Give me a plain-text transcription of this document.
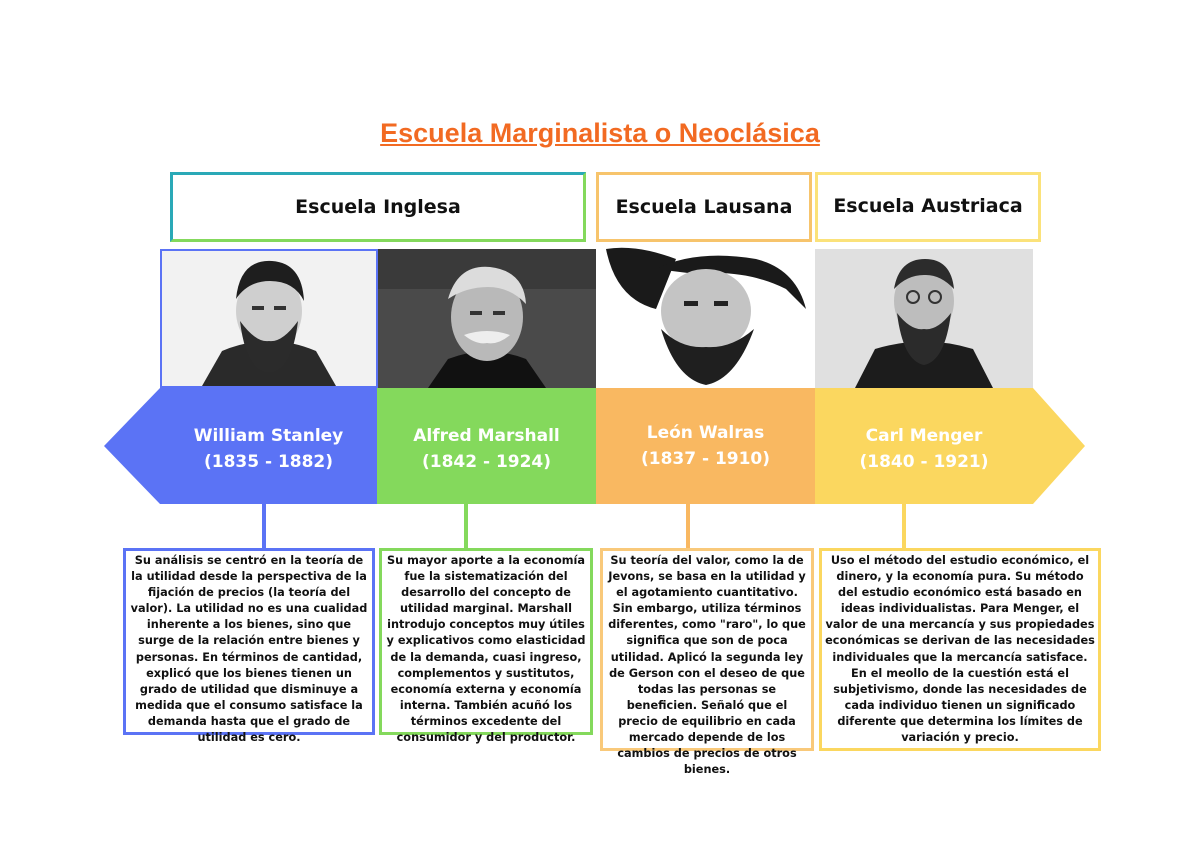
Escuela Marginalista o Neoclásica
Escuela Inglesa	Escuela Lausana Escuela Austriaca
William Stanley
(1835 - 1882)
Alfred Marshall
(1842 - 1924)
León Walras
(1837 - 1910)
Carl Menger
(1840 - 1921)
Su análisis se centró en la teoría de la utilidad desde la perspectiva de la fijación de precios (la teoría del valor). La utilidad no es una cualidad inherente a los bienes, sino que surge de la relación entre bienes y personas. En términos de cantidad, explicó que los bienes tienen un grado de utilidad que disminuye a medida que el consumo satisface la demanda hasta que el grado de utilidad es cero.
Su mayor aporte a la economía fue la sistematización del desarrollo del concepto de utilidad marginal. Marshall introdujo conceptos muy útiles y explicativos como elasticidad de la demanda, cuasi ingreso, complementos y sustitutos, economía externa y economía interna. También acuñó los términos excedente del consumidor y del productor.
Su teoría del valor, como la de Jevons, se basa en la utilidad y el agotamiento cuantitativo. Sin embargo, utiliza términos diferentes, como "raro", lo que significa que son de poca utilidad. Aplicó la segunda ley de Gerson con el deseo de que todas las personas se beneficien. Señaló que el precio de equilibrio en cada mercado depende de los cambios de precios de otros bienes.
Uso el método del estudio económico, el dinero, y la economía pura. Su método del estudio económico está basado en ideas individualistas. Para Menger, el valor de una mercancía y sus propiedades económicas se derivan de las necesidades individuales que la mercancía satisface. En el meollo de la cuestión está el subjetivismo, donde las necesidades de cada individuo tienen un significado diferente que determina los límites de variación y precio.
